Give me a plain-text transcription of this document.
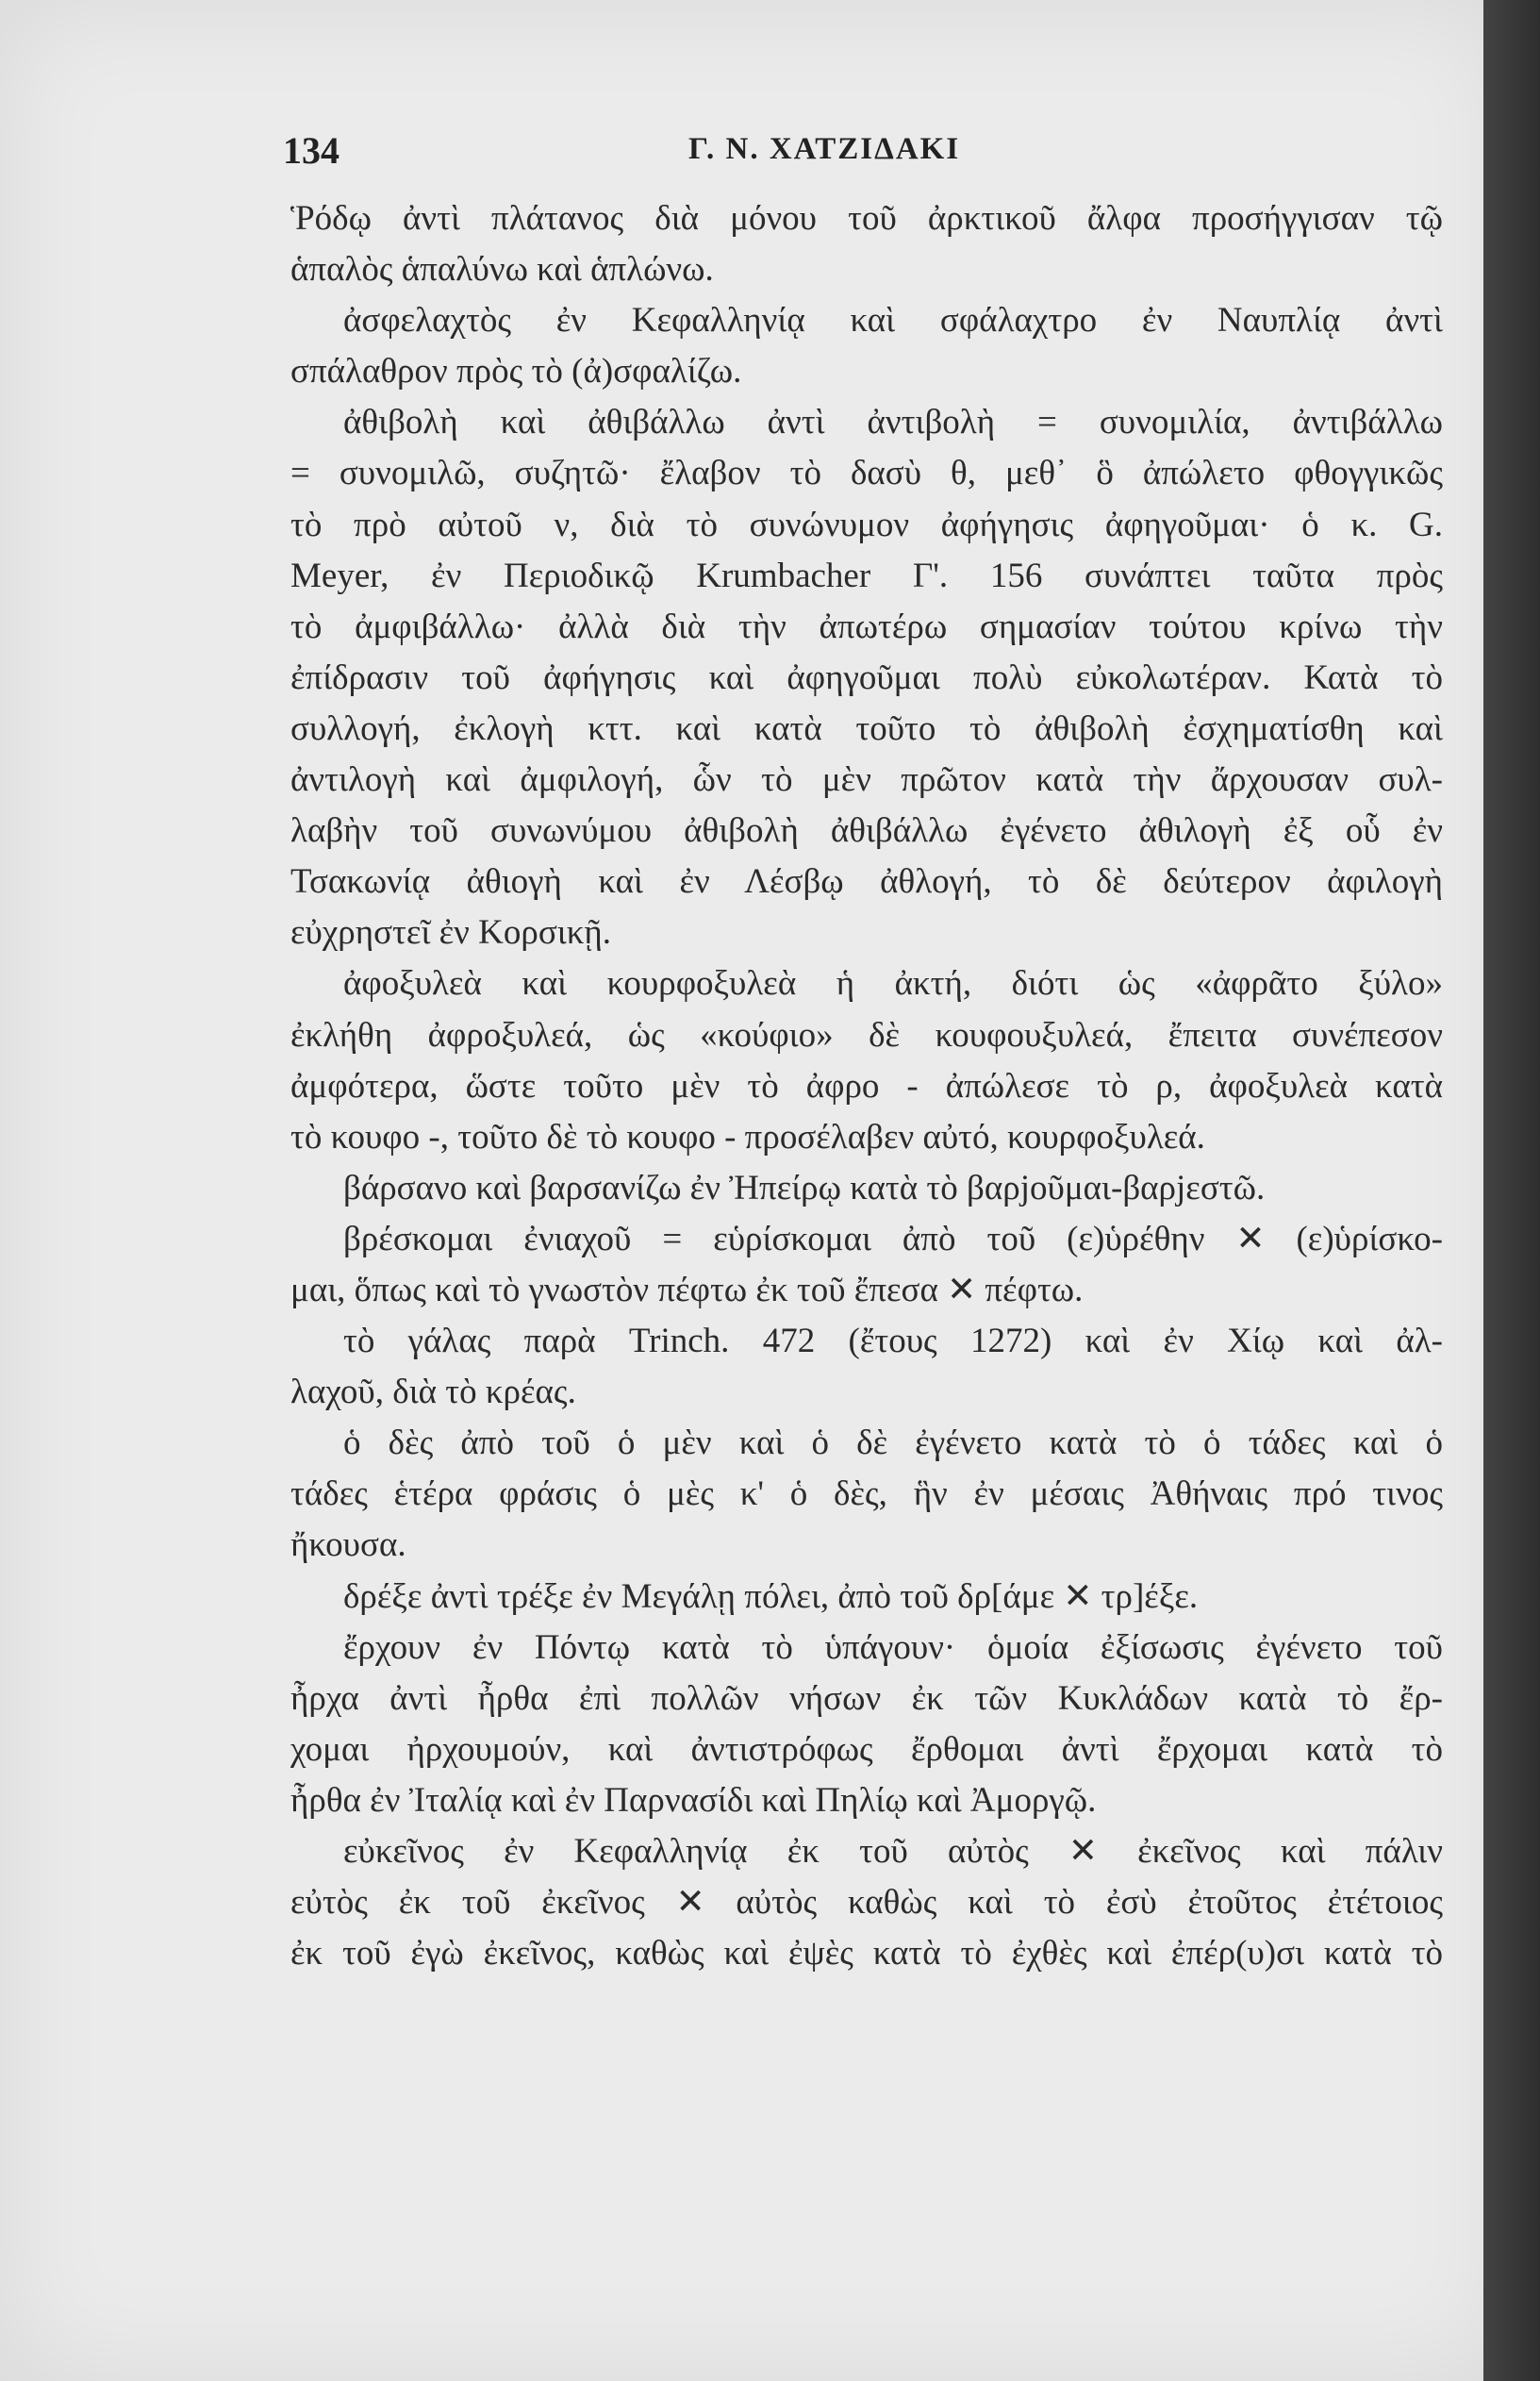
134	Γ. Ν. ΧΑΤΖΙΔΑΚΙ
Ῥόδῳ ἀντὶ πλάτανος διὰ μόνου τοῦ ἀρκτικοῦ ἄλφα προσήγγισαν τῷ
ἁπαλὸς ἁπαλύνω καὶ ἁπλώνω.
ἀσφελαχτὸς ἐν Κεφαλληνίᾳ καὶ σφάλαχτρο ἐν Ναυπλίᾳ ἀντὶ
σπάλαθρον πρὸς τὸ (ἀ)σφαλίζω.
ἀθιβολὴ καὶ ἀθιβάλλω ἀντὶ ἀντιβολὴ = συνομιλία, ἀντιβάλλω
= συνομιλῶ, συζητῶ· ἔλαβον τὸ δασὺ θ, μεθ᾽ ὃ ἀπώλετο φθογγικῶς
τὸ πρὸ αὐτοῦ ν, διὰ τὸ συνώνυμον ἀφήγησις ἀφηγοῦμαι· ὁ κ. G.
Meyer, ἐν Περιοδικῷ Krumbacher Γ'. 156 συνάπτει ταῦτα πρὸς
τὸ ἀμφιβάλλω· ἀλλὰ διὰ τὴν ἀπωτέρω σημασίαν τούτου κρίνω τὴν
ἐπίδρασιν τοῦ ἀφήγησις καὶ ἀφηγοῦμαι πολὺ εὐκολωτέραν. Κατὰ τὸ
συλλογή, ἐκλογὴ κττ. καὶ κατὰ τοῦτο τὸ ἀθιβολὴ ἐσχηματίσθη καὶ
ἀντιλογὴ καὶ ἀμφιλογή, ὧν τὸ μὲν πρῶτον κατὰ τὴν ἄρχουσαν συλ-
λαβὴν τοῦ συνωνύμου ἀθιβολὴ ἀθιβάλλω ἐγένετο ἀθιλογὴ ἐξ οὗ ἐν
Τσακωνίᾳ ἀθιογὴ καὶ ἐν Λέσβῳ ἀθλογή, τὸ δὲ δεύτερον ἀφιλογὴ
εὐχρηστεῖ ἐν Κορσικῇ.
ἀφοξυλεὰ καὶ κουρφοξυλεὰ ἡ ἀκτή, διότι ὡς «ἀφρᾶτο ξύλο»
ἐκλήθη ἀφροξυλεά, ὡς «κούφιο» δὲ κουφουξυλεά, ἔπειτα συνέπεσον
ἀμφότερα, ὥστε τοῦτο μὲν τὸ ἀφρο - ἀπώλεσε τὸ ρ, ἀφοξυλεὰ κατὰ
τὸ κουφο -, τοῦτο δὲ τὸ κουφο - προσέλαβεν αὐτό, κουρφοξυλεά.
βάρσανο καὶ βαρσανίζω ἐν Ἠπείρῳ κατὰ τὸ βαρjοῦμαι-βαρjεστῶ.
βρέσκομαι ἐνιαχοῦ = εὑρίσκομαι ἀπὸ τοῦ (ε)ὑρέθην ✕ (ε)ὑρίσκο-
μαι, ὅπως καὶ τὸ γνωστὸν πέφτω ἐκ τοῦ ἔπεσα ✕ πέφτω.
τὸ γάλας παρὰ Trinch. 472 (ἔτους 1272) καὶ ἐν Χίῳ καὶ ἀλ-
λαχοῦ, διὰ τὸ κρέας.
ὁ δὲς ἀπὸ τοῦ ὁ μὲν καὶ ὁ δὲ ἐγένετο κατὰ τὸ ὁ τάδες καὶ ὁ
τάδες ἑτέρα φράσις ὁ μὲς κ' ὁ δὲς, ἣν ἐν μέσαις Ἀθήναις πρό τινος
ἤκουσα.
δρέξε ἀντὶ τρέξε ἐν Μεγάλῃ πόλει, ἀπὸ τοῦ δρ[άμε ✕ τρ]έξε.
ἔρχουν ἐν Πόντῳ κατὰ τὸ ὑπάγουν· ὁμοία ἐξίσωσις ἐγένετο τοῦ
ἦρχα ἀντὶ ἦρθα ἐπὶ πολλῶν νήσων ἐκ τῶν Κυκλάδων κατὰ τὸ ἔρ-
χομαι ἠρχουμούν, καὶ ἀντιστρόφως ἔρθομαι ἀντὶ ἔρχομαι κατὰ τὸ
ἦρθα ἐν Ἰταλίᾳ καὶ ἐν Παρνασίδι καὶ Πηλίῳ καὶ Ἀμοργῷ.
εὐκεῖνος ἐν Κεφαλληνίᾳ ἐκ τοῦ αὐτὸς ✕ ἐκεῖνος καὶ πάλιν
εὐτὸς ἐκ τοῦ ἐκεῖνος ✕ αὐτὸς καθὼς καὶ τὸ ἐσὺ ἐτοῦτος ἐτέτοιος
ἐκ τοῦ ἐγὼ ἐκεῖνος, καθὼς καὶ ἐψὲς κατὰ τὸ ἐχθὲς καὶ ἐπέρ(υ)σι κατὰ τὸ
